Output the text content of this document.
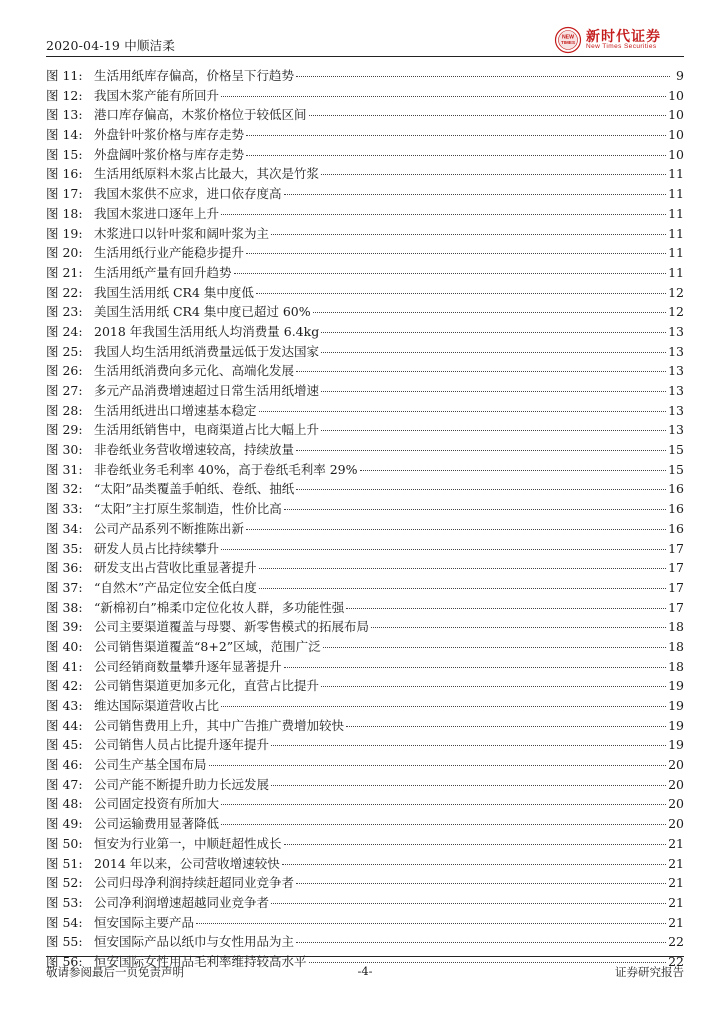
2020-04-19 中顺洁柔
NEW
TIMES 新时代证券
New Times Securities
图 11: 生活用纸库存偏高，价格呈下行趋势	9
图 12: 我国木浆产能有所回升	10
图 13: 港口库存偏高，木浆价格位于较低区间	10
图 14: 外盘针叶浆价格与库存走势	10
图 15: 外盘阔叶浆价格与库存走势	10
图 16: 生活用纸原料木浆占比最大，其次是竹浆	11
图 17: 我国木浆供不应求，进口依存度高	11
图 18: 我国木浆进口逐年上升	11
图 19: 木浆进口以针叶浆和阔叶浆为主	11
图 20: 生活用纸行业产能稳步提升	11
图 21: 生活用纸产量有回升趋势	11
图 22: 我国生活用纸 CR4 集中度低	12
图 23: 美国生活用纸 CR4 集中度已超过 60%	12
图 24: 2018 年我国生活用纸人均消费量 6.4kg	13
图 25: 我国人均生活用纸消费量远低于发达国家	13
图 26: 生活用纸消费向多元化、高端化发展	13
图 27: 多元产品消费增速超过日常生活用纸增速	13
图 28: 生活用纸进出口增速基本稳定	13
图 29: 生活用纸销售中，电商渠道占比大幅上升	13
图 30: 非卷纸业务营收增速较高，持续放量	15
图 31: 非卷纸业务毛利率 40%，高于卷纸毛利率 29%	15
图 32: “太阳”品类覆盖手帕纸、卷纸、抽纸	16
图 33: “太阳”主打原生浆制造，性价比高	16
图 34: 公司产品系列不断推陈出新	16
图 35: 研发人员占比持续攀升	17
图 36: 研发支出占营收比重显著提升	17
图 37: “自然木”产品定位安全低白度	17
图 38: “新棉初白”棉柔巾定位化妆人群，多功能性强	17
图 39: 公司主要渠道覆盖与母婴、新零售模式的拓展布局	18
图 40: 公司销售渠道覆盖“8+2”区域，范围广泛	18
图 41: 公司经销商数量攀升逐年显著提升	18
图 42: 公司销售渠道更加多元化，直营占比提升	19
图 43: 维达国际渠道营收占比	19
图 44: 公司销售费用上升，其中广告推广费增加较快	19
图 45: 公司销售人员占比提升逐年提升	19
图 46: 公司生产基全国布局	20
图 47: 公司产能不断提升助力长远发展	20
图 48: 公司固定投资有所加大	20
图 49: 公司运输费用显著降低	20
图 50: 恒安为行业第一，中顺赶超性成长	21
图 51: 2014 年以来，公司营收增速较快	21
图 52: 公司归母净利润持续赶超同业竞争者	21
图 53: 公司净利润增速超越同业竞争者	21
图 54: 恒安国际主要产品	21
图 55: 恒安国际产品以纸巾与女性用品为主	22
图 56: 恒安国际女性用品毛利率维持较高水平	22
敬请参阅最后一页免责声明	-4-	证券研究报告
